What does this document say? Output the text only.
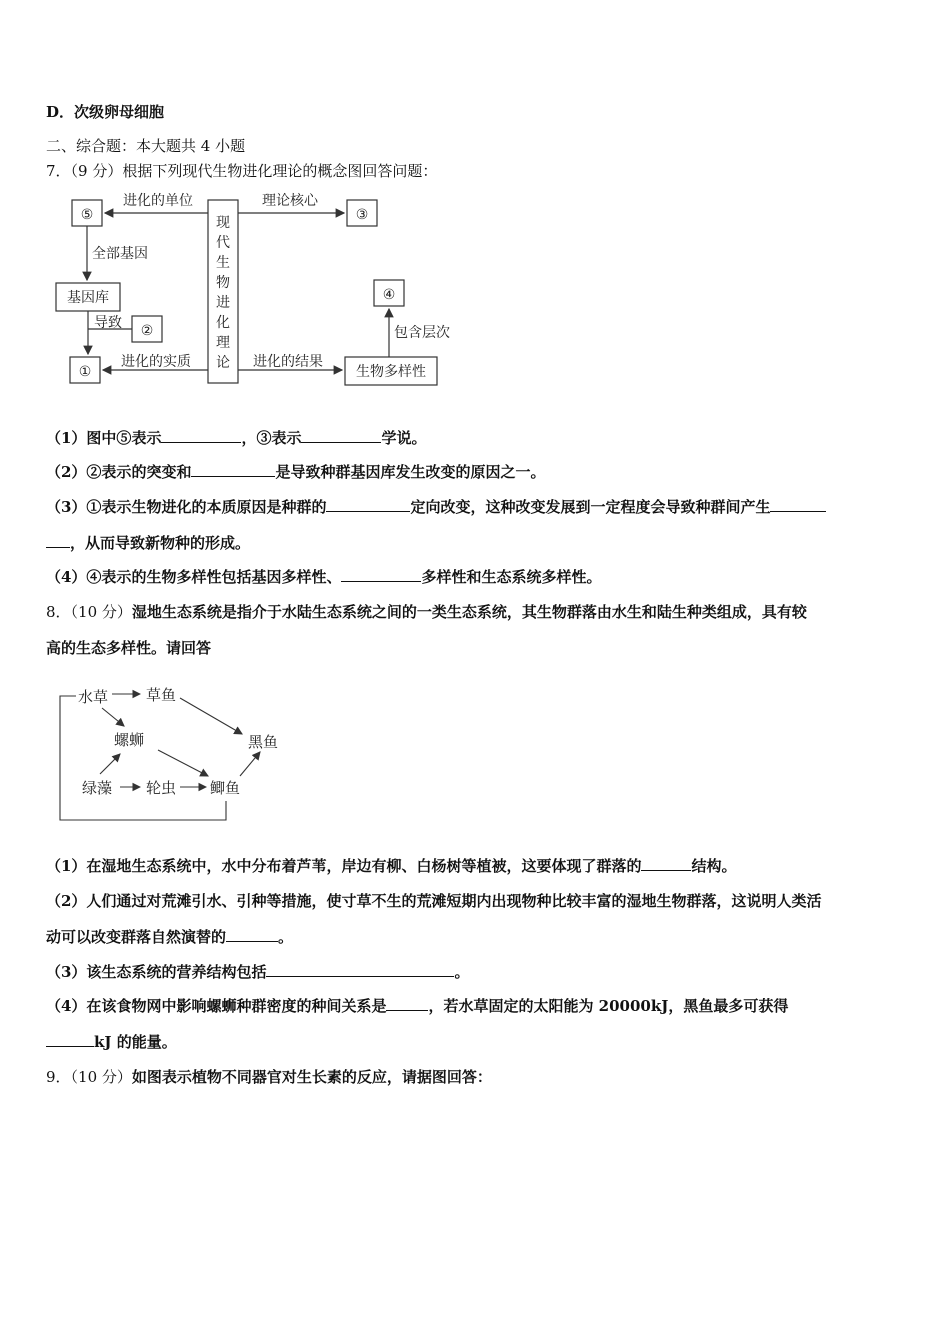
D．次级卵母细胞
二、综合题：本大题共 4 小题
7．（9 分）根据下列现代生物进化理论的概念图回答问题：
⑤	③
基因库
②
①
④
生物多样性
进化的单位	理论核心
全部基因
导致
进化的实质	进化的结果
包含层次
现
代
生
物
进
化
理
论
（1）图中⑤表示	，③表示	学说。
（2）②表示的突变和	是导致种群基因库发生改变的原因之一。
（3）①表示生物进化的本质原因是种群的	定向改变，这种改变发展到一定程度会导致种群间产生
，从而导致新物种的形成。
（4）④表示的生物多样性包括基因多样性、	多样性和生态系统多样性。
8．（10 分）湿地生态系统是指介于水陆生态系统之间的一类生态系统，其生物群落由水生和陆生种类组成，具有较
高的生态多样性。请回答
水草	草鱼
螺蛳	黑鱼
绿藻 轮虫 鲫鱼
（1）在湿地生态系统中，水中分布着芦苇，岸边有柳、白杨树等植被，这要体现了群落的	结构。
（2）人们通过对荒滩引水、引种等措施，使寸草不生的荒滩短期内出现物种比较丰富的湿地生物群落，这说明人类活
动可以改变群落自然演替的	。
（3）该生态系统的营养结构包括	。
（4）在该食物网中影响螺蛳种群密度的种间关系是	，若水草固定的太阳能为 20000kJ，黑鱼最多可获得
kJ 的能量。
9．（10 分）如图表示植物不同器官对生长素的反应，请据图回答：
